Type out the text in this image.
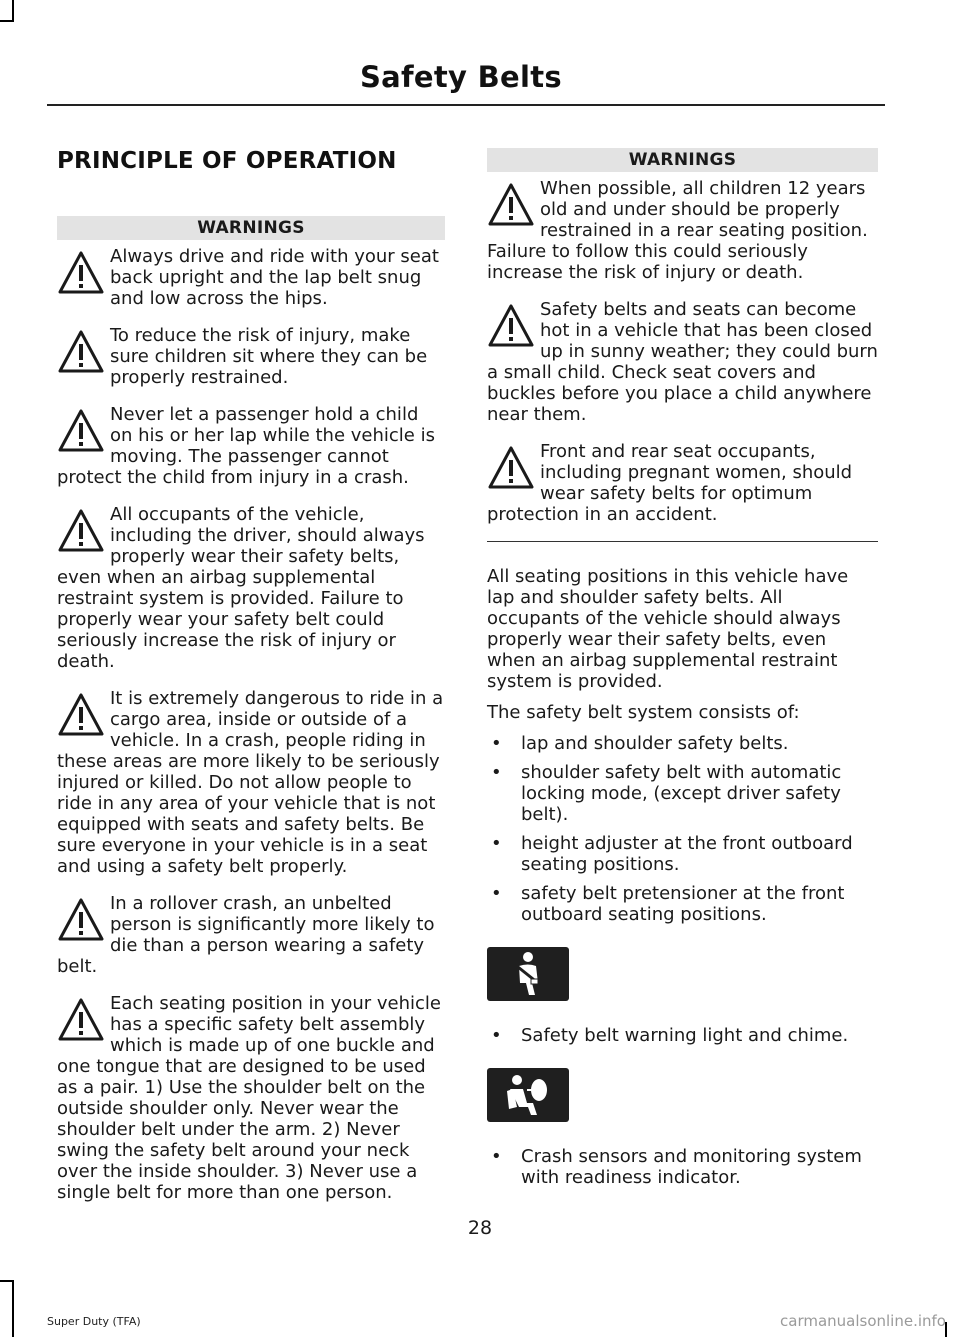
Safety Belts
PRINCIPLE OF OPERATION
WARNINGS
Always drive and ride with your seat back upright and the lap belt snug and low across the hips.
To reduce the risk of injury, make sure children sit where they can be properly restrained.
Never let a passenger hold a child on his or her lap while the vehicle is moving. The passenger cannot
protect the child from injury in a crash.
All occupants of the vehicle, including the driver, should always properly wear their safety belts,
even when an airbag supplemental restraint system is provided. Failure to properly wear your safety belt could seriously increase the risk of injury or death.
It is extremely dangerous to ride in a cargo area, inside or outside of a vehicle. In a crash, people riding in
these areas are more likely to be seriously injured or killed. Do not allow people to ride in any area of your vehicle that is not equipped with seats and safety belts. Be sure everyone in your vehicle is in a seat and using a safety belt properly.
In a rollover crash, an unbelted person is significantly more likely to die than a person wearing a safety
belt.
Each seating position in your vehicle has a specific safety belt assembly which is made up of one buckle and
one tongue that are designed to be used as a pair. 1) Use the shoulder belt on the outside shoulder only. Never wear the shoulder belt under the arm. 2) Never swing the safety belt around your neck over the inside shoulder. 3) Never use a single belt for more than one person.
WARNINGS
When possible, all children 12 years old and under should be properly restrained in a rear seating position.
Failure to follow this could seriously increase the risk of injury or death.
Safety belts and seats can become hot in a vehicle that has been closed up in sunny weather; they could burn
a small child. Check seat covers and buckles before you place a child anywhere near them.
Front and rear seat occupants, including pregnant women, should wear safety belts for optimum
protection in an accident.

All seating positions in this vehicle have lap and shoulder safety belts. All occupants of the vehicle should always properly wear their safety belts, even when an airbag supplemental restraint system is provided.

The safety belt system consists of:

• lap and shoulder safety belts.
• shoulder safety belt with automatic locking mode, (except driver safety belt).
• height adjuster at the front outboard seating positions.
• safety belt pretensioner at the front outboard seating positions.
• Safety belt warning light and chime.
• Crash sensors and monitoring system with readiness indicator.
28
Super Duty (TFA)	carmanualsonline.info
